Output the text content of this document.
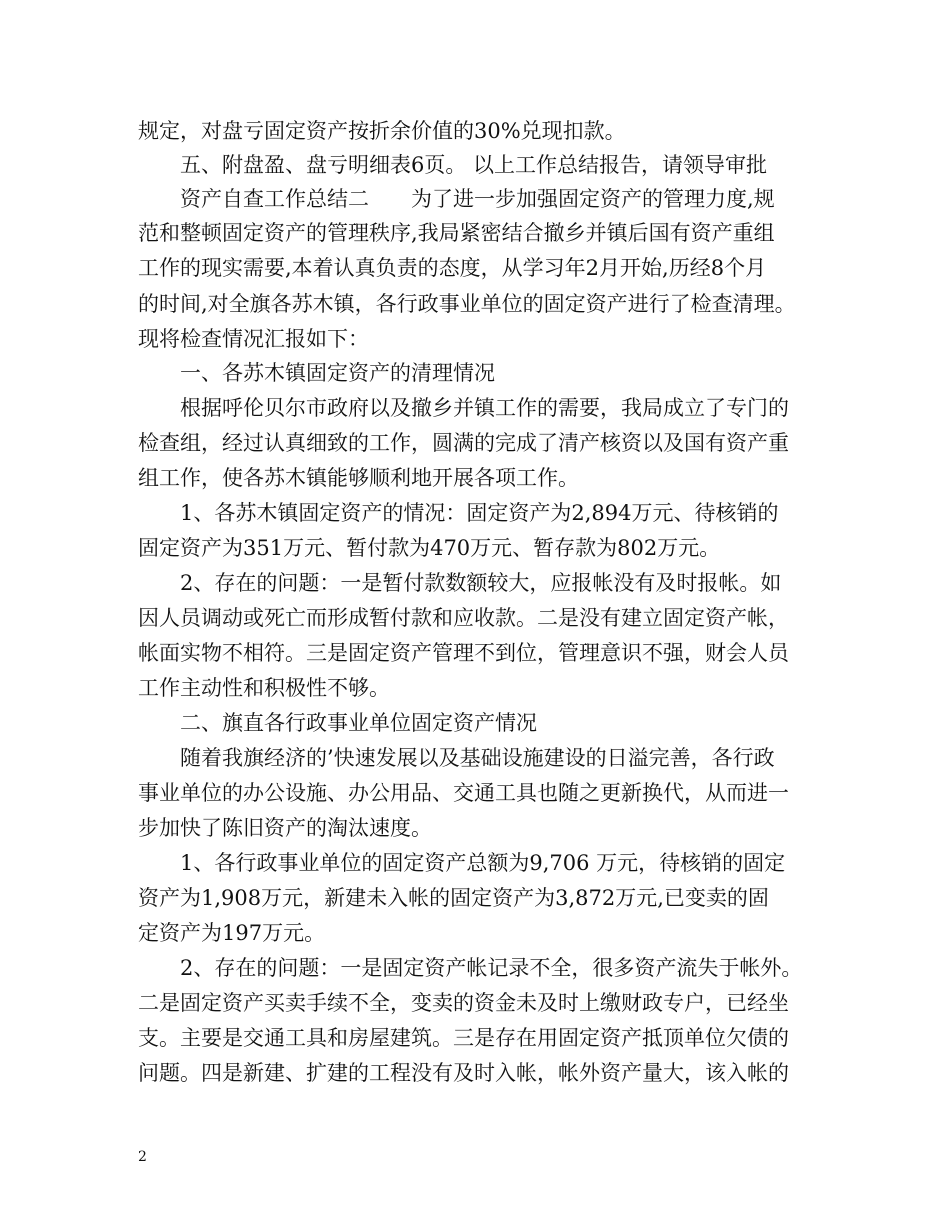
规定，对盘亏固定资产按折余价值的30%兑现扣款。
五、附盘盈、盘亏明细表6页。 以上工作总结报告，请领导审批
资产自查工作总结二　　为了进一步加强固定资产的管理力度,规
范和整顿固定资产的管理秩序,我局紧密结合撤乡并镇后国有资产重组
工作的现实需要,本着认真负责的态度，从学习年2月开始,历经8个月
的时间,对全旗各苏木镇，各行政事业单位的固定资产进行了检查清理。
现将检查情况汇报如下：
一、各苏木镇固定资产的清理情况
根据呼伦贝尔市政府以及撤乡并镇工作的需要，我局成立了专门的
检查组，经过认真细致的工作，圆满的完成了清产核资以及国有资产重
组工作，使各苏木镇能够顺利地开展各项工作。
1、各苏木镇固定资产的情况：固定资产为2,894万元、待核销的
固定资产为351万元、暂付款为470万元、暂存款为802万元。
2、存在的问题：一是暂付款数额较大，应报帐没有及时报帐。如
因人员调动或死亡而形成暂付款和应收款。二是没有建立固定资产帐，
帐面实物不相符。三是固定资产管理不到位，管理意识不强，财会人员
工作主动性和积极性不够。
二、旗直各行政事业单位固定资产情况
随着我旗经济的’快速发展以及基础设施建设的日溢完善，各行政
事业单位的办公设施、办公用品、交通工具也随之更新换代，从而进一
步加快了陈旧资产的淘汰速度。
1、各行政事业单位的固定资产总额为9,706 万元，待核销的固定
资产为1,908万元，新建未入帐的固定资产为3,872万元,已变卖的固
定资产为197万元。
2、存在的问题：一是固定资产帐记录不全，很多资产流失于帐外。
二是固定资产买卖手续不全，变卖的资金未及时上缴财政专户，已经坐
支。主要是交通工具和房屋建筑。三是存在用固定资产抵顶单位欠债的
问题。四是新建、扩建的工程没有及时入帐，帐外资产量大，该入帐的
2
